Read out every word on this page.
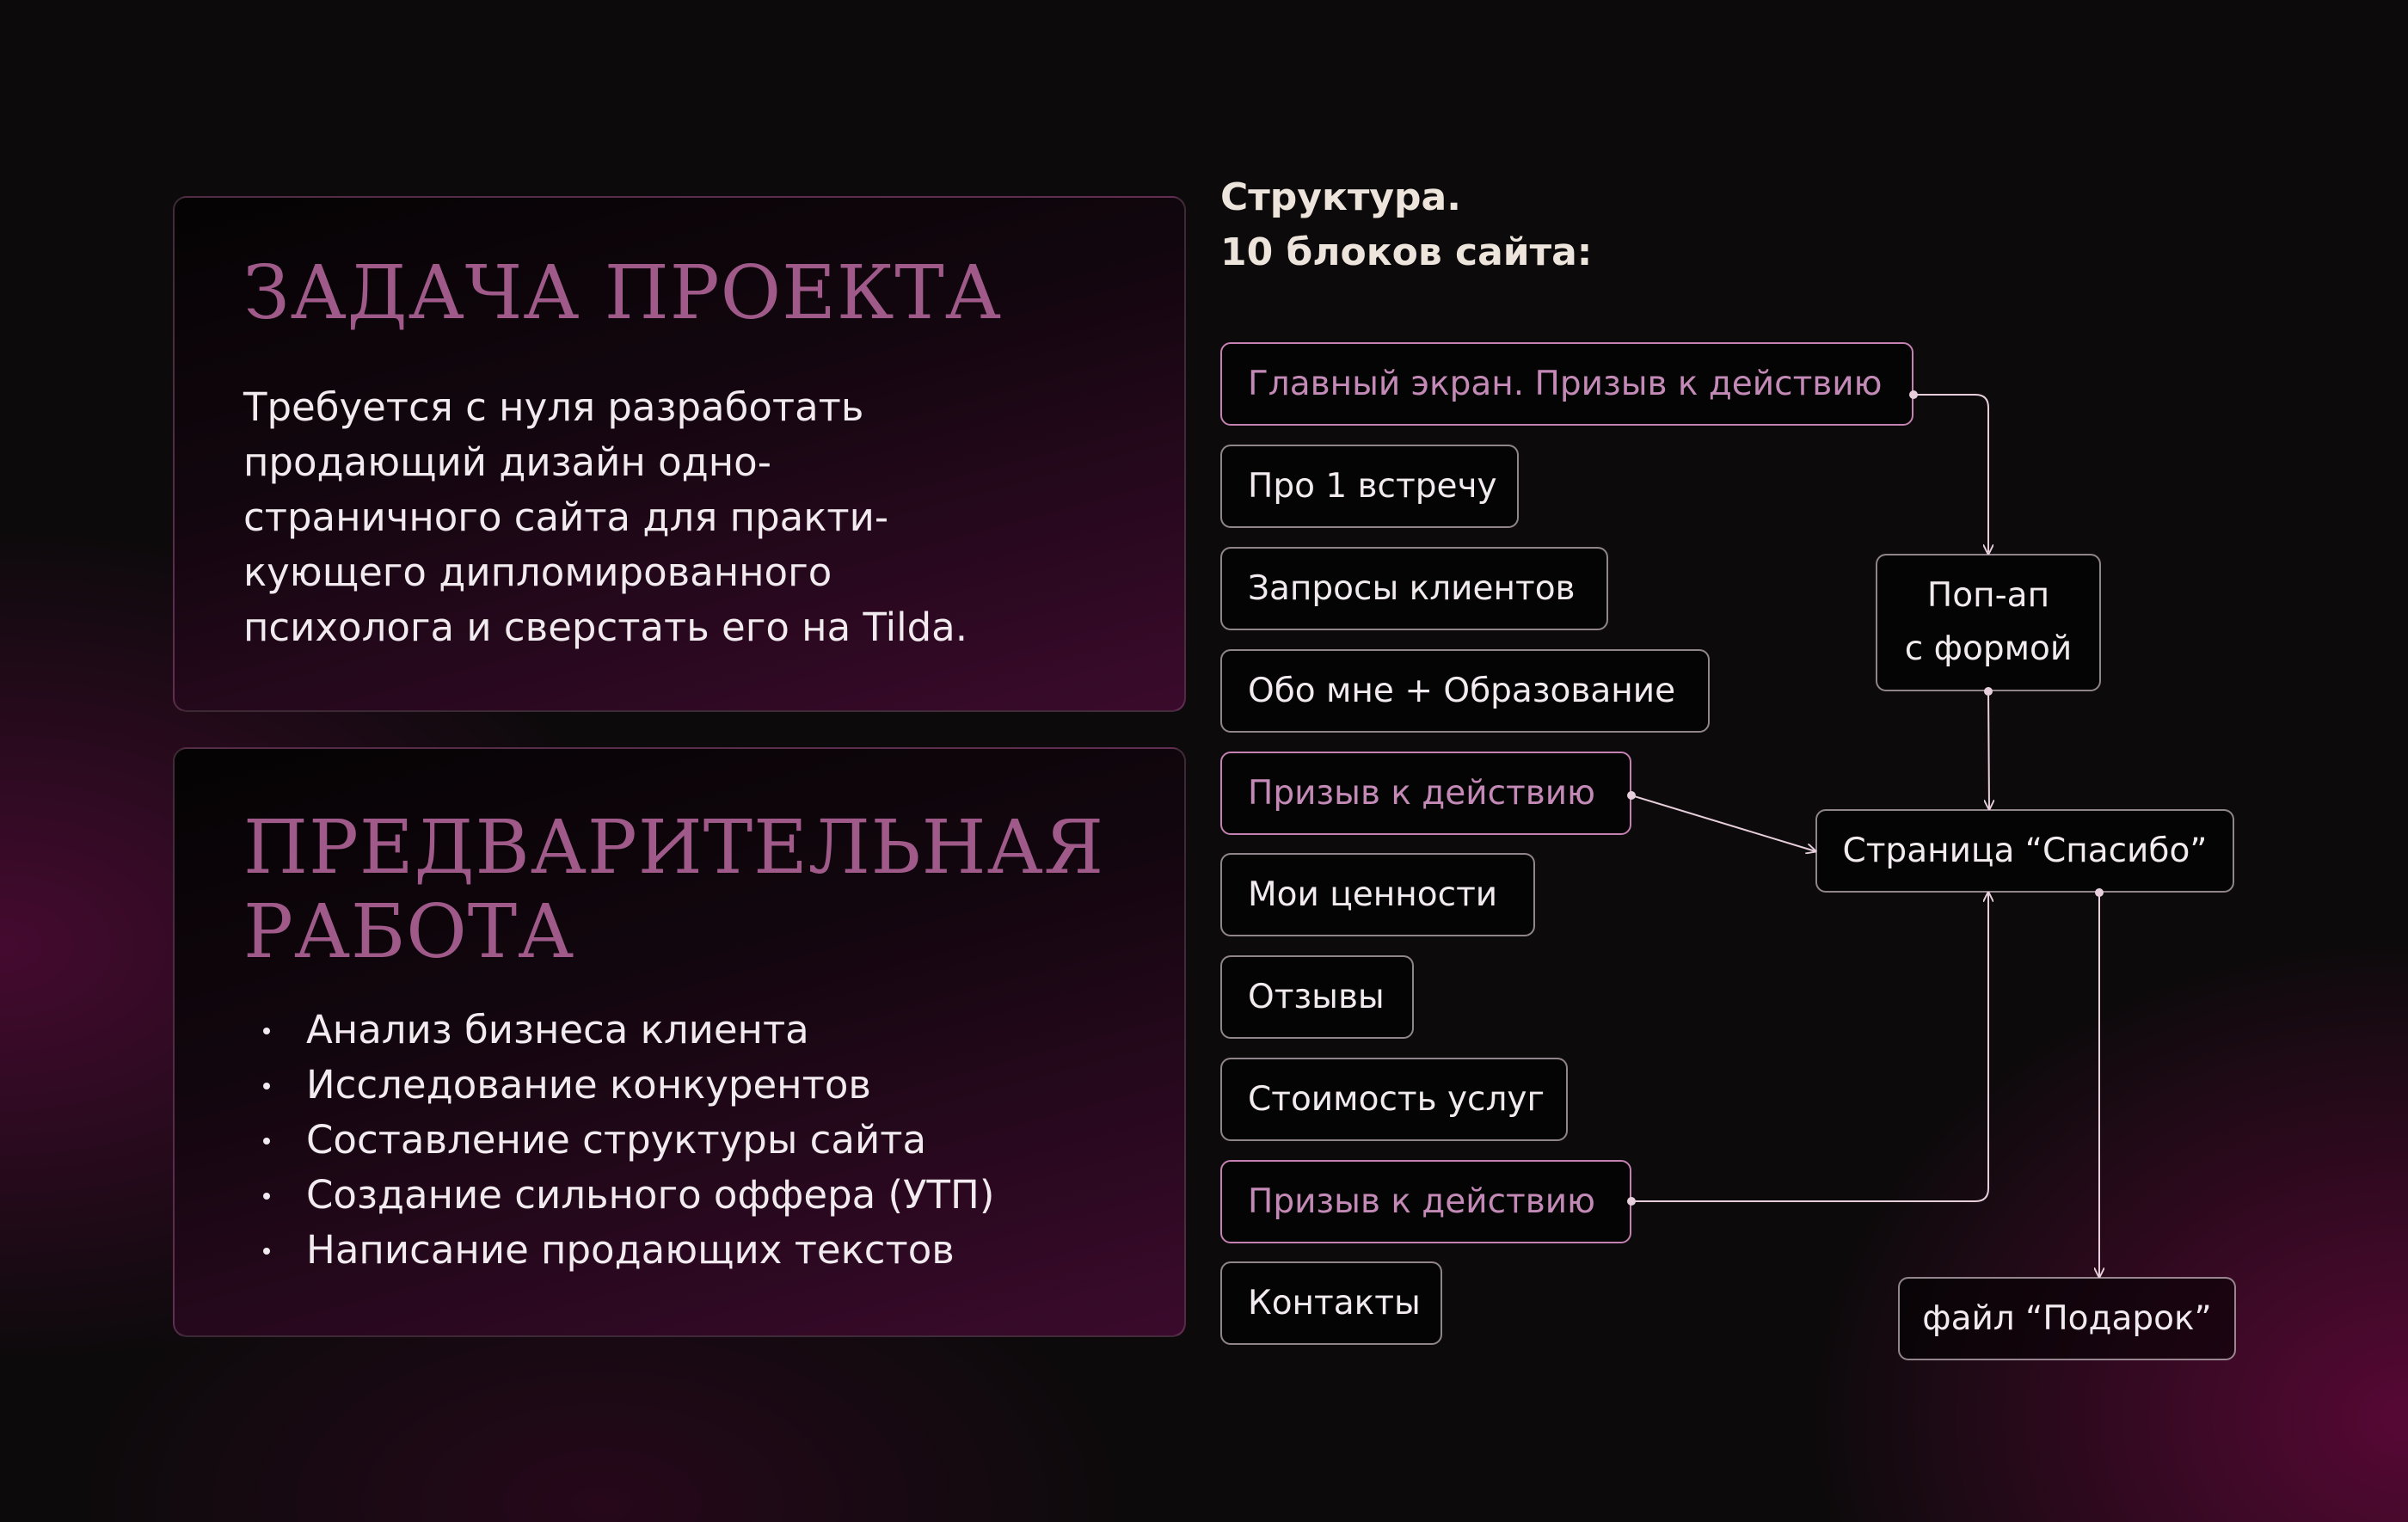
ЗАДАЧА ПРОЕКТА

Требуется с нуля разработать
продающий дизайн одно-
страничного сайта для практи-
кующего дипломированного
психолога и сверстать его на Tilda.

ПРЕДВАРИТЕЛЬНАЯ
РАБОТА
Анализ бизнеса клиента
Исследование конкурентов
Составление структуры сайта
Создание сильного оффера (УТП)
Написание продающих текстов
Структура.
10 блоков сайта:
Главный экран. Призыв к действию
Про 1 встречу
Запросы клиентов
Обо мне + Образование
Призыв к действию
Мои ценности
Отзывы
Стоимость услуг
Призыв к действию
Контакты
Поп-ап
с формой
Страница “Спасибо”
файл “Подарок”
